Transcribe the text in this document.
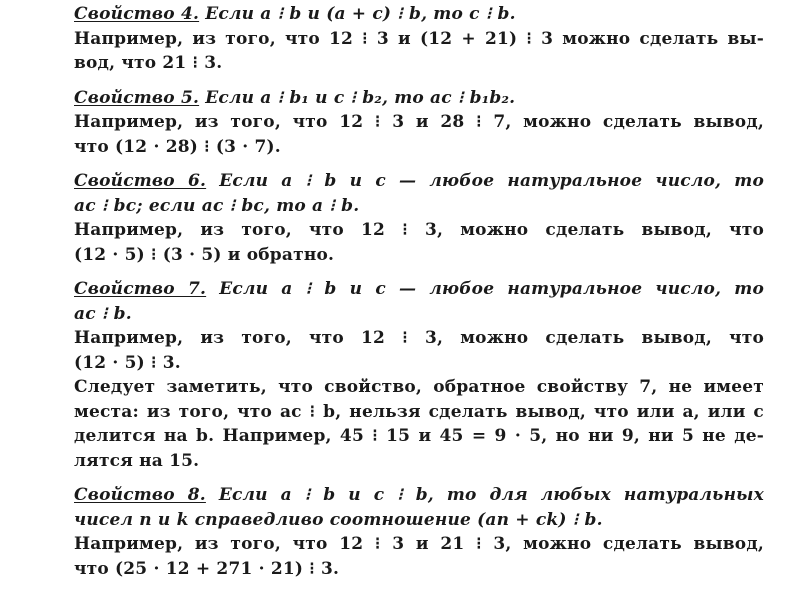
Свойство 4. Если a ⁝ b и (a + c) ⁝ b, то c ⁝ b.
Например, из того, что 12 ⁝ 3 и (12 + 21) ⁝ 3 можно сделать вы-
вод, что 21 ⁝ 3.
Свойство 5. Если a ⁝ b₁ и c ⁝ b₂, то ac ⁝ b₁b₂.
Например, из того, что 12 ⁝ 3 и 28 ⁝ 7, можно сделать вывод,
что (12 · 28) ⁝ (3 · 7).
Свойство 6. Если a ⁝ b и c — любое натуральное число, то
ac ⁝ bc; если ac ⁝ bc, то a ⁝ b.
Например, из того, что 12 ⁝ 3, можно сделать вывод, что
(12 · 5) ⁝ (3 · 5) и обратно.
Свойство 7. Если a ⁝ b и c — любое натуральное число, то
ac ⁝ b.
Например, из того, что 12 ⁝ 3, можно сделать вывод, что
(12 · 5) ⁝ 3.
Следует заметить, что свойство, обратное свойству 7, не имеет
места: из того, что ac ⁝ b, нельзя сделать вывод, что или a, или c
делится на b. Например, 45 ⁝ 15 и 45 = 9 · 5, но ни 9, ни 5 не де-
лятся на 15.
Свойство 8. Если a ⁝ b и c ⁝ b, то для любых натуральных
чисел n и k справедливо соотношение (an + ck) ⁝ b.
Например, из того, что 12 ⁝ 3 и 21 ⁝ 3, можно сделать вывод,
что (25 · 12 + 271 · 21) ⁝ 3.
